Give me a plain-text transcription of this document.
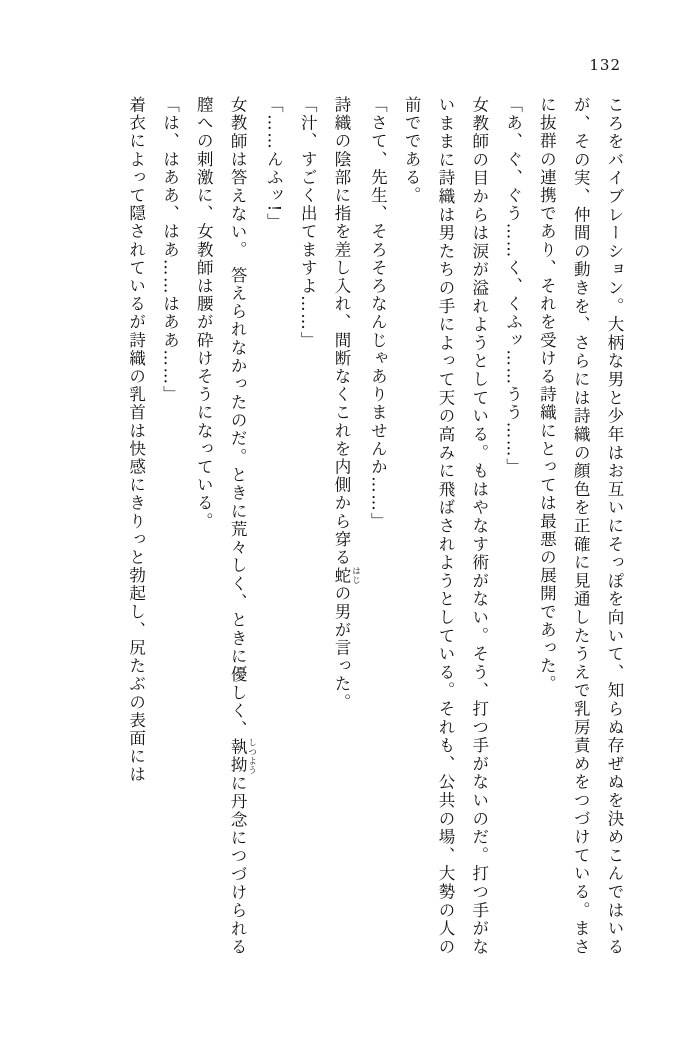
132

ころをバイブレーション。大柄な男と少年はお互いにそっぽを向いて、知らぬ存ぜぬを決めこんではいるが、その実、仲間の動きを、さらには詩織の顔色を正確に見通したうえで乳房責めをつづけている。まさに抜群の連携であり、それを受ける詩織にとっては最悪の展開であった。

「あ、ぐ、ぐう……く、くふッ……うう……」

女教師の目からは涙が溢れようとしている。もはやなす術がない。そう、打つ手がないのだ。打つ手がないままに詩織は男たちの手によって天の高みに飛ばされようとしている。それも、公共の場、大勢の人の前でである。

「さて、先生、そろそろなんじゃありませんか……」

詩織の陰部に指を差し入れ、間断なくこれを内側から穿る蛇 はじの男が言った。

「汁、すごく出てますよ……」

「……んふッ!」

女教師は答えない。 答えられなかったのだ。ときに荒々しく、ときに優しく、執拗 しつように丹念につづけられる膣への刺激に、女教師は腰が砕けそうになっている。

「は、はああ、はあ……はああ……」

着衣によって隠されているが詩織の乳首は快感にきりっと勃起し、尻たぶの表面には
